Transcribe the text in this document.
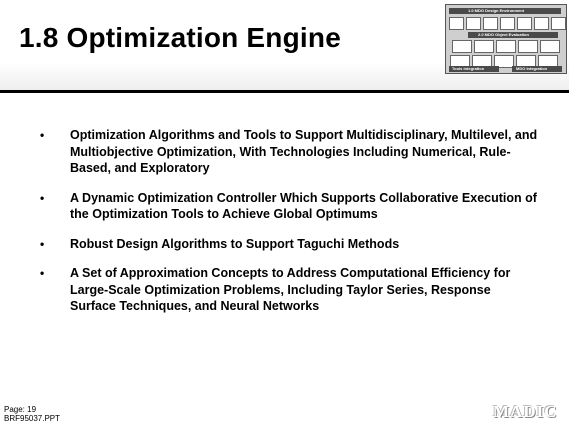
1.8 Optimization Engine
1.0 MDO Design Environment
2.0 MDO Object Evaluation
Tools Integration	MDO Integration
• Optimization Algorithms and Tools to Support Multidisciplinary, Multilevel, and Multiobjective Optimization, With Technologies Including Numerical, Rule-Based, and Exploratory
• A Dynamic Optimization Controller Which Supports Collaborative Execution of the Optimization Tools to Achieve Global Optimums
• Robust Design Algorithms to Support Taguchi Methods
• A Set of Approximation Concepts to Address Computational Efficiency for Large-Scale Optimization Problems, Including Taylor Series, Response Surface Techniques, and Neural Networks
Page: 19
BRF95037.PPT	MADIC
